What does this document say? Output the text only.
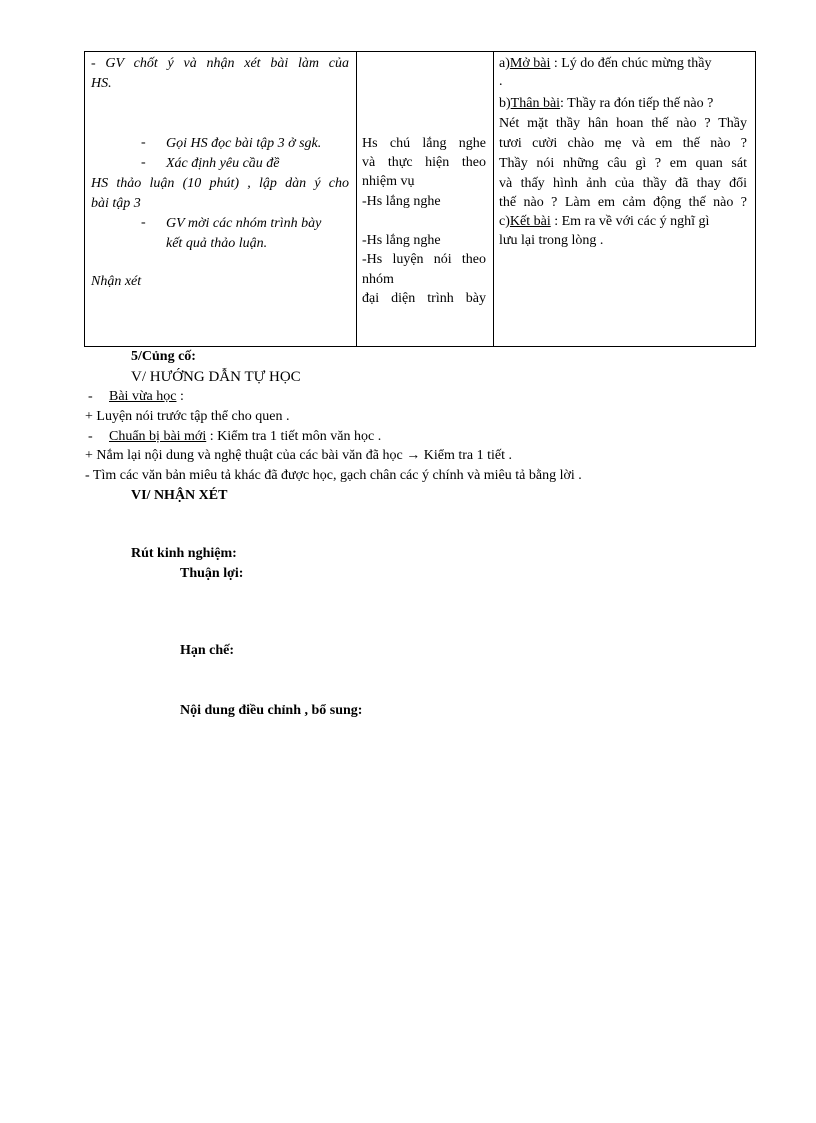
- GV chốt ý và nhận xét bài làm của
HS.
- Gọi HS đọc bài tập 3 ở sgk.
- Xác định yêu cầu đề
HS thảo luận (10 phút) , lập dàn ý cho
bài tập 3
- GV mời các nhóm trình bày
kết quả thảo luận.
Nhận xét
Hs chú lắng nghe
và thực hiện theo
nhiệm vụ
-Hs lắng nghe
-Hs lắng nghe
-Hs luyện nói theo
nhóm
đại diện trình bày
a)Mở bài : Lý do đến chúc mừng thầy
.
b)Thân bài: Thầy ra đón tiếp thế nào ?
Nét mặt thầy hân hoan thế nào ? Thầy
tươi cười chào mẹ và em thế nào ?
Thầy nói những câu gì ? em quan sát
và thấy hình ảnh của thầy đã thay đổi
thế nào ? Làm em cảm động thế nào ?
c)Kết bài : Em ra về với các ý nghĩ gì
lưu lại trong lòng .
5/Củng cố:
V/ HƯỚNG DẪN TỰ HỌC
- Bài vừa học :
+ Luyện nói trước tập thể cho quen .
- Chuẩn bị bài mới : Kiểm tra 1 tiết môn văn học .
+ Nắm lại nội dung và nghệ thuật của các bài văn đã học → Kiểm tra 1 tiết .
- Tìm các văn bản miêu tả khác đã được học, gạch chân các ý chính và miêu tả bằng lời .
VI/ NHẬN XÉT
Rút kinh nghiệm:
Thuận lợi:
Hạn chế:
Nội dung điều chỉnh , bổ sung:
